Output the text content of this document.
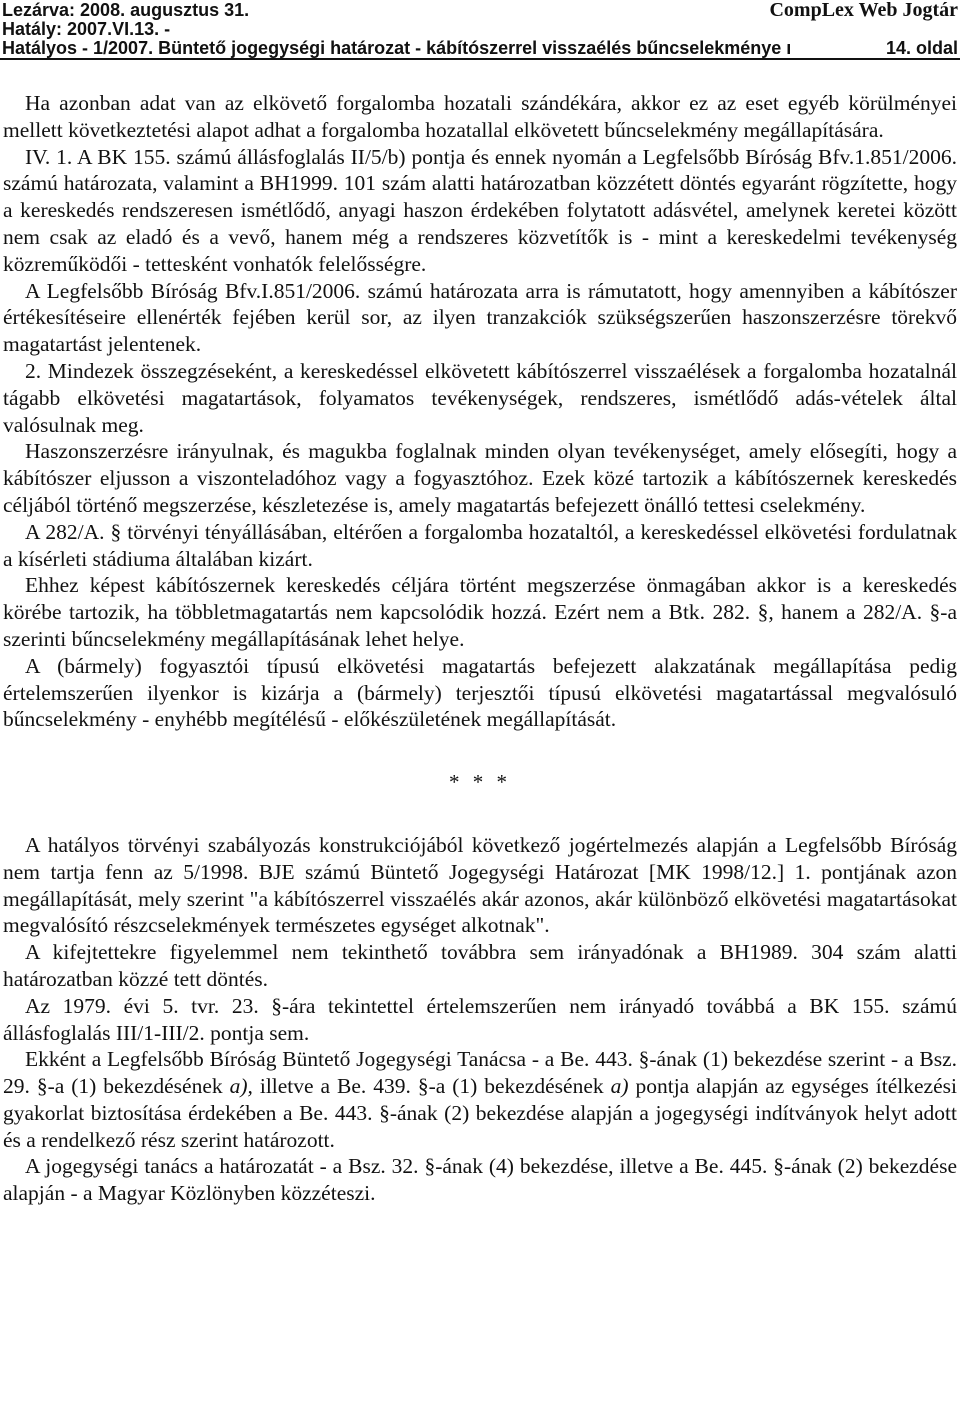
Lezárva: 2008. augusztus 31.	CompLex Web Jogtár
Hatály: 2007.VI.13. -
Hatályos - 1/2007. Büntető jogegységi határozat - kábítószerrel visszaélés bűncselekménye ı	14. oldal

Ha azonban adat van az elkövető forgalomba hozatali szándékára, akkor ez az eset egyéb körülményei mellett következtetési alapot adhat a forgalomba hozatallal elkövetett bűncselekmény megállapítására.

IV. 1. A BK 155. számú állásfoglalás II/5/b) pontja és ennek nyomán a Legfelsőbb Bíróság Bfv.1.851/2006. számú határozata, valamint a BH1999. 101 szám alatti határozatban közzétett döntés egyaránt rögzítette, hogy a kereskedés rendszeresen ismétlődő, anyagi haszon érdekében folytatott adásvétel, amelynek keretei között nem csak az eladó és a vevő, hanem még a rendszeres közvetítők is - mint a kereskedelmi tevékenység közreműködői - tettesként vonhatók felelősségre.

A Legfelsőbb Bíróság Bfv.I.851/2006. számú határozata arra is rámutatott, hogy amennyiben a kábítószer értékesítéseire ellenérték fejében kerül sor, az ilyen tranzakciók szükségszerűen haszonszerzésre törekvő magatartást jelentenek.

2. Mindezek összegzéseként, a kereskedéssel elkövetett kábítószerrel visszaélések a forgalomba hozatalnál tágabb elkövetési magatartások, folyamatos tevékenységek, rendszeres, ismétlődő adás-vételek által valósulnak meg.

Haszonszerzésre irányulnak, és magukba foglalnak minden olyan tevékenységet, amely elősegíti, hogy a kábítószer eljusson a viszonteladóhoz vagy a fogyasztóhoz. Ezek közé tartozik a kábítószernek kereskedés céljából történő megszerzése, készletezése is, amely magatartás befejezett önálló tettesi cselekmény.

A 282/A. § törvényi tényállásában, eltérően a forgalomba hozataltól, a kereskedéssel elkövetési fordulatnak a kísérleti stádiuma általában kizárt.

Ehhez képest kábítószernek kereskedés céljára történt megszerzése önmagában akkor is a kereskedés körébe tartozik, ha többletmagatartás nem kapcsolódik hozzá. Ezért nem a Btk. 282. §, hanem a 282/A. §-a szerinti bűncselekmény megállapításának lehet helye.

A (bármely) fogyasztói típusú elkövetési magatartás befejezett alakzatának megállapítása pedig értelemszerűen ilyenkor is kizárja a (bármely) terjesztői típusú elkövetési magatartással megvalósuló bűncselekmény - enyhébb megítélésű - előkészületének megállapítását.

* * *

A hatályos törvényi szabályozás konstrukciójából következő jogértelmezés alapján a Legfelsőbb Bíróság nem tartja fenn az 5/1998. BJE számú Büntető Jogegységi Határozat [MK 1998/12.] 1. pontjának azon megállapítását, mely szerint "a kábítószerrel visszaélés akár azonos, akár különböző elkövetési magatartásokat megvalósító részcselekmények természetes egységet alkotnak".

A kifejtettekre figyelemmel nem tekinthető továbbra sem irányadónak a BH1989. 304 szám alatti határozatban közzé tett döntés.

Az 1979. évi 5. tvr. 23. §-ára tekintettel értelemszerűen nem irányadó továbbá a BK 155. számú állásfoglalás III/1-III/2. pontja sem.

Ekként a Legfelsőbb Bíróság Büntető Jogegységi Tanácsa - a Be. 443. §-ának (1) bekezdése szerint - a Bsz. 29. §-a (1) bekezdésének a), illetve a Be. 439. §-a (1) bekezdésének a) pontja alapján az egységes ítélkezési gyakorlat biztosítása érdekében a Be. 443. §-ának (2) bekezdése alapján a jogegységi indítványok helyt adott és a rendelkező rész szerint határozott.

A jogegységi tanács a határozatát - a Bsz. 32. §-ának (4) bekezdése, illetve a Be. 445. §-ának (2) bekezdése alapján - a Magyar Közlönyben közzéteszi.
